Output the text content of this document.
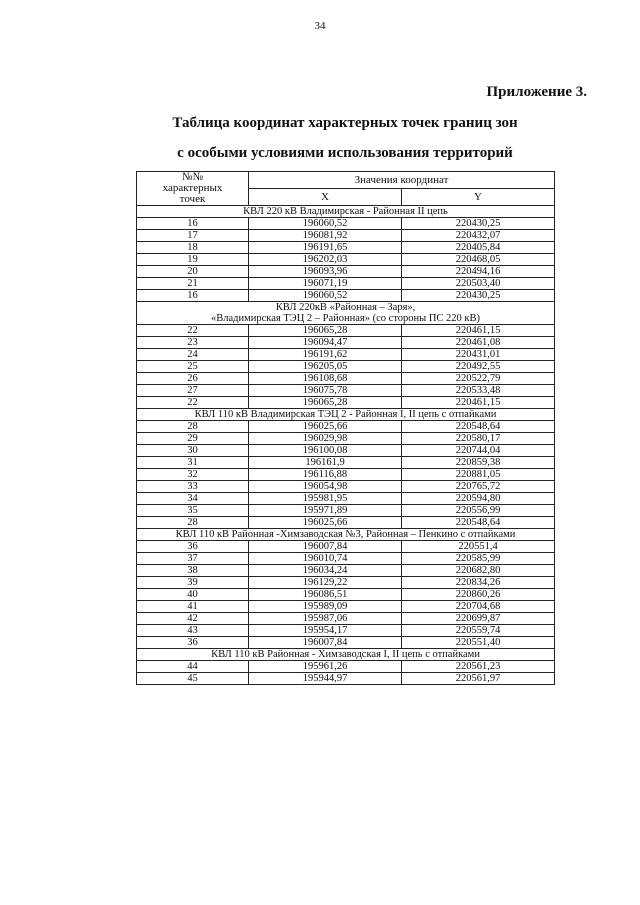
34
Приложение 3.
Таблица координат характерных точек границ зон
с особыми условиями использования территорий
№№
характерных
точек	Значения координат	
	X	Y
КВЛ 220 кВ Владимирская - Районная II цепь		
16	196060,52	220430,25
17	196081,92	220432,07
18	196191,65	220405,84
19	196202,03	220468,05
20	196093,96	220494,16
21	196071,19	220503,40
16	196060,52	220430,25
КВЛ 220кВ «Районная – Заря»,
«Владимирская ТЭЦ 2 – Районная» (со стороны ПС 220 кВ)		
22	196065,28	220461,15
23	196094,47	220461,08
24	196191,62	220431,01
25	196205,05	220492,55
26	196108,68	220522,79
27	196075,78	220533,48
22	196065,28	220461,15
КВЛ 110 кВ Владимирская ТЭЦ 2 - Районная I, II цепь с отпайками		
28	196025,66	220548,64
29	196029,98	220580,17
30	196100,08	220744,04
31	196161,9	220859,38
32	196116,88	220881,05
33	196054,98	220765,72
34	195981,95	220594,80
35	195971,89	220556,99
28	196025,66	220548,64
КВЛ 110 кВ Районная -Химзаводская №3, Районная – Пенкино с отпайками		
36	196007,84	220551,4
37	196010,74	220585,99
38	196034,24	220682,80
39	196129,22	220834,26
40	196086,51	220860,26
41	195989,09	220704,68
42	195987,06	220699,87
43	195954,17	220559,74
36	196007,84	220551,40
КВЛ 110 кВ Районная - Химзаводская I, II цепь с отпайками		
44	195961,26	220561,23
45	195944,97	220561,97
